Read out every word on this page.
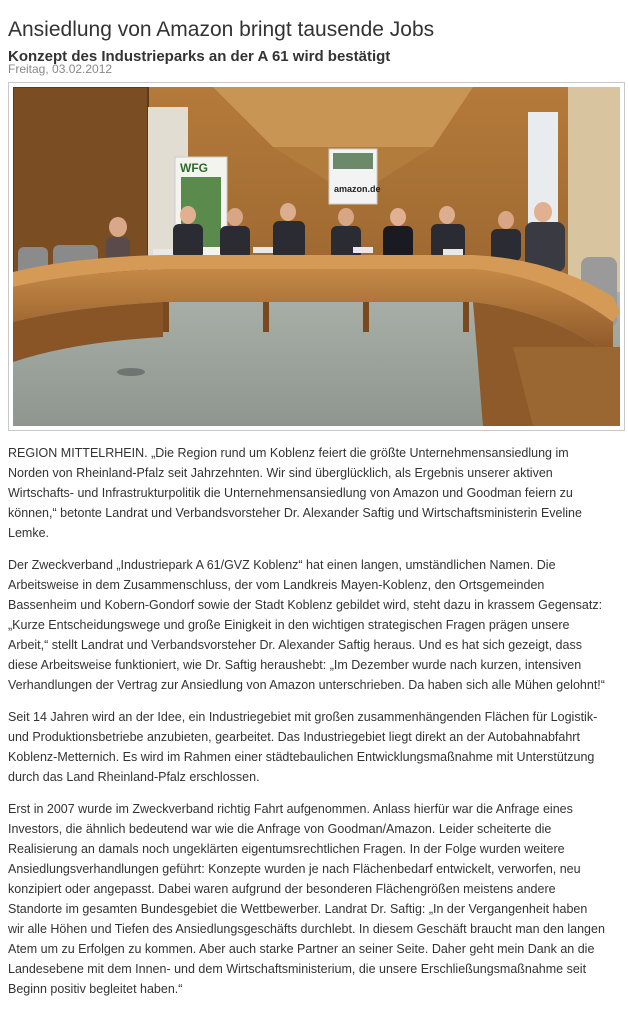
Ansiedlung von Amazon bringt tausende Jobs
Konzept des Industrieparks an der A 61 wird bestätigt
Freitag, 03.02.2012
WFG
amazon.de

REGION MITTELRHEIN. „Die Region rund um Koblenz feiert die größte Unternehmensansiedlung im
Norden von Rheinland-Pfalz seit Jahrzehnten. Wir sind überglücklich, als Ergebnis unserer aktiven
Wirtschafts- und Infrastrukturpolitik die Unternehmensansiedlung von Amazon und Goodman feiern zu
können,“ betonte Landrat und Verbandsvorsteher Dr. Alexander Saftig und Wirtschaftsministerin Eveline
Lemke.

Der Zweckverband „Industriepark A 61/GVZ Koblenz“ hat einen langen, umständlichen Namen. Die
Arbeitsweise in dem Zusammenschluss, der vom Landkreis Mayen-Koblenz, den Ortsgemeinden
Bassenheim und Kobern-Gondorf sowie der Stadt Koblenz gebildet wird, steht dazu in krassem Gegensatz:
„Kurze Entscheidungswege und große Einigkeit in den wichtigen strategischen Fragen prägen unsere
Arbeit,“ stellt Landrat und Verbandsvorsteher Dr. Alexander Saftig heraus. Und es hat sich gezeigt, dass
diese Arbeitsweise funktioniert, wie Dr. Saftig heraushebt: „Im Dezember wurde nach kurzen, intensiven
Verhandlungen der Vertrag zur Ansiedlung von Amazon unterschrieben. Da haben sich alle Mühen gelohnt!“

Seit 14 Jahren wird an der Idee, ein Industriegebiet mit großen zusammenhängenden Flächen für Logistik-
und Produktionsbetriebe anzubieten, gearbeitet. Das Industriegebiet liegt direkt an der Autobahnabfahrt
Koblenz-Metternich. Es wird im Rahmen einer städtebaulichen Entwicklungsmaßnahme mit Unterstützung
durch das Land Rheinland-Pfalz erschlossen.

Erst in 2007 wurde im Zweckverband richtig Fahrt aufgenommen. Anlass hierfür war die Anfrage eines
Investors, die ähnlich bedeutend war wie die Anfrage von Goodman/Amazon. Leider scheiterte die
Realisierung an damals noch ungeklärten eigentumsrechtlichen Fragen. In der Folge wurden weitere
Ansiedlungsverhandlungen geführt: Konzepte wurden je nach Flächenbedarf entwickelt, verworfen, neu
konzipiert oder angepasst. Dabei waren aufgrund der besonderen Flächengrößen meistens andere
Standorte im gesamten Bundesgebiet die Wettbewerber. Landrat Dr. Saftig: „In der Vergangenheit haben
wir alle Höhen und Tiefen des Ansiedlungsgeschäfts durchlebt. In diesem Geschäft braucht man den langen
Atem um zu Erfolgen zu kommen. Aber auch starke Partner an seiner Seite. Daher geht mein Dank an die
Landesebene mit dem Innen- und dem Wirtschaftsministerium, die unsere Erschließungsmaßnahme seit
Beginn positiv begleitet haben.“
